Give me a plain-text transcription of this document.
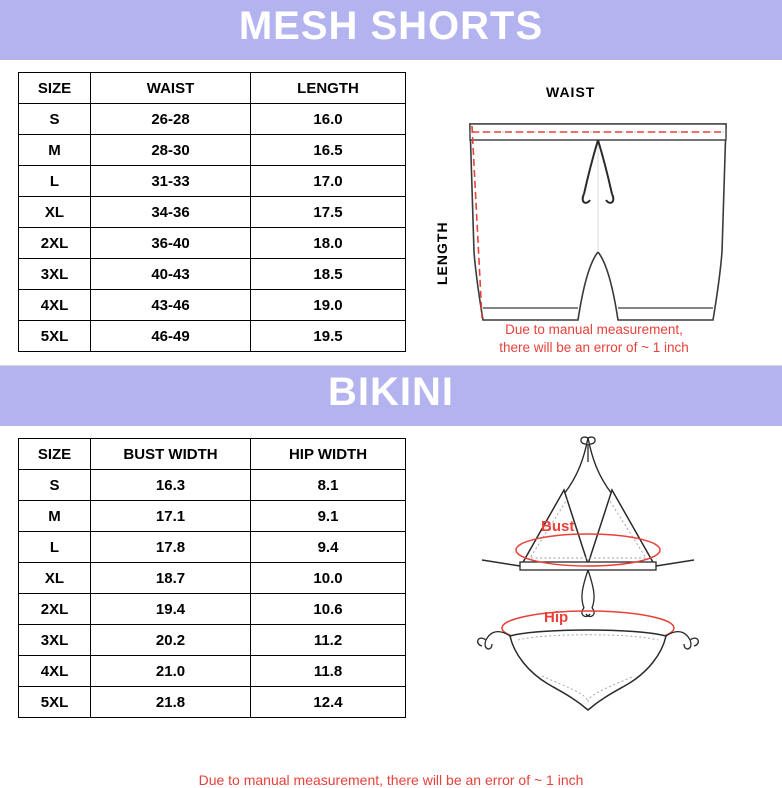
MESH SHORTS
SIZE	WAIST	LENGTH
S	26-28	16.0
M	28-30	16.5
L	31-33	17.0
XL	34-36	17.5
2XL	36-40	18.0
3XL	40-43	18.5
4XL	43-46	19.0
5XL	46-49	19.5
WAIST
LENGTH
Due to manual measurement,
there will be an error of ~ 1 inch
BIKINI
SIZE	BUST WIDTH	HIP WIDTH
S	16.3	8.1
M	17.1	9.1
L	17.8	9.4
XL	18.7	10.0
2XL	19.4	10.6
3XL	20.2	11.2
4XL	21.0	11.8
5XL	21.8	12.4
Bust
Hip
Due to manual measurement, there will be an error of ~ 1 inch
